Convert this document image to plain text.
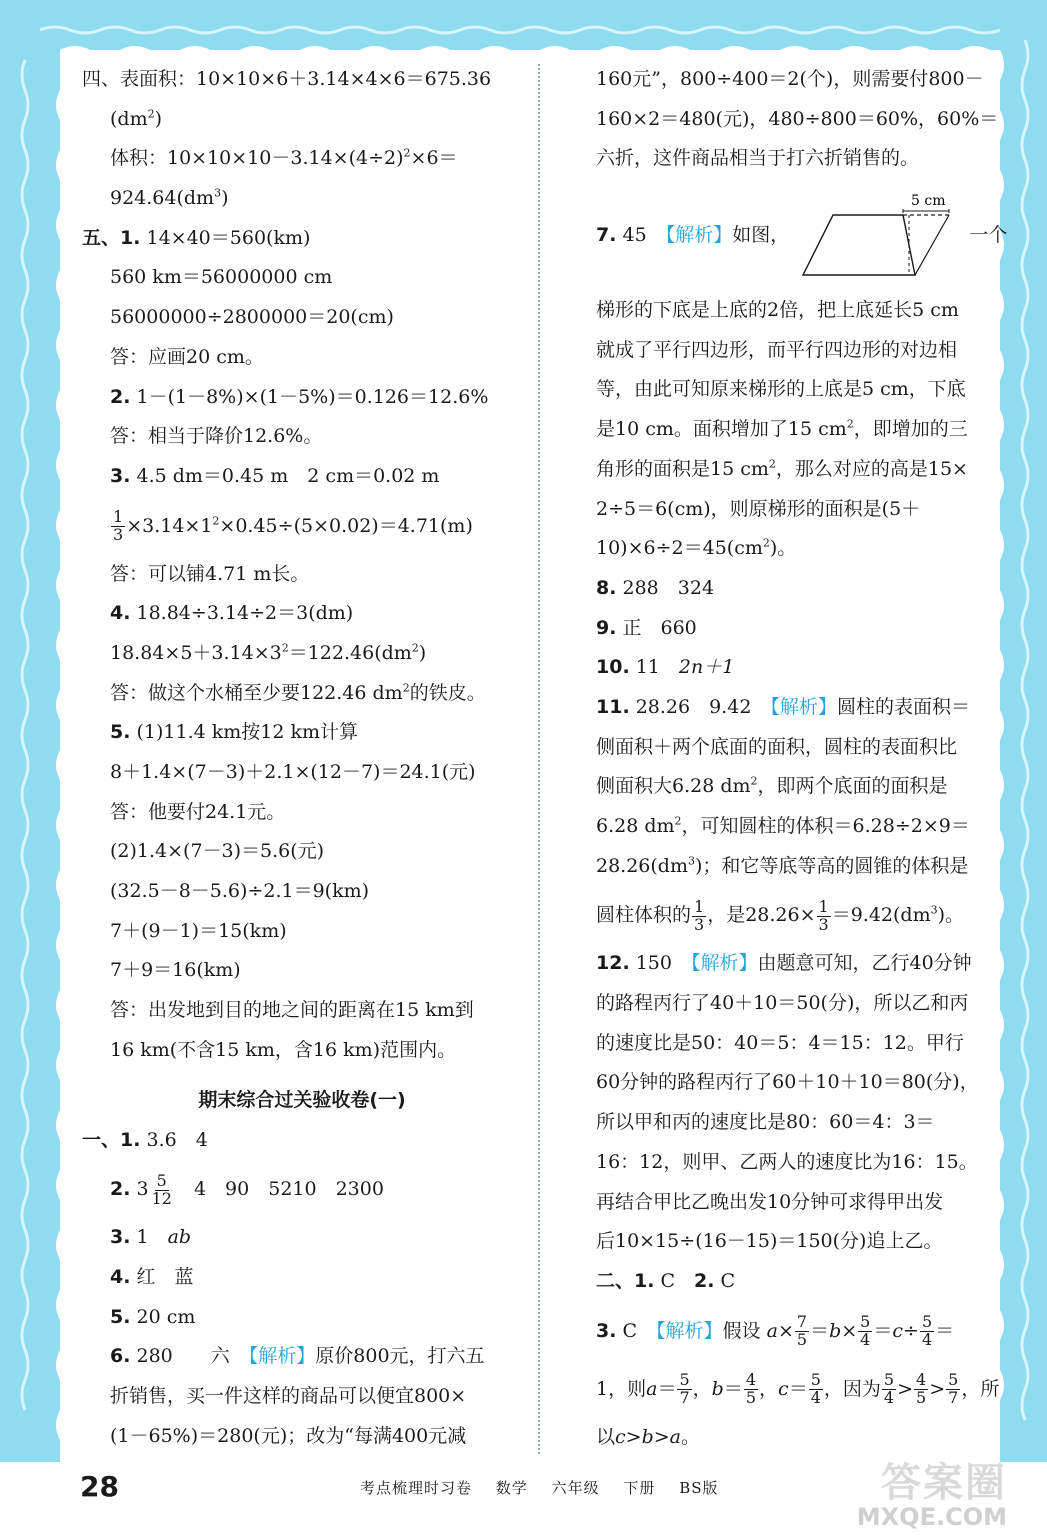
四、表面积：10×10×6＋3.14×4×6＝675.36
$(dm^2)$
体积：$10\times 10\times 10-3.14\times(4\div 2)^2\times 6=$
$924.64(dm^3)$
五、1. 14×40＝560(km)
560 km＝56000000 cm
56000000÷2800000＝20(cm)
答：应画20 cm。
2. 1－(1－8%)×(1－5%)＝0.126＝12.6%
答：相当于降价12.6%。
3. 4.5 dm＝0.45 m　2 cm＝0.02 m
$\frac{1}{3} \times 3.14\times 1^2\times 0.45\div(5\times 0.02)=4.71(m)$
答：可以铺4.71 m长。
4. 18.84÷3.14÷2＝3(dm)
$18.84\times 5+3.14\times 3^2=122.46(dm^2)$
答：做这个水桶至少要122.46 $dm^2$的铁皮。
5. (1)11.4 km按12 km计算
8＋1.4×(7－3)＋2.1×(12－7)＝24.1(元)
答：他要付24.1元。
(2)1.4×(7－3)＝5.6(元)
(32.5－8－5.6)÷2.1＝9(km)
7＋(9－1)＝15(km)
7＋9＝16(km)
答：出发地到目的地之间的距离在15 km到
16 km(不含15 km，含16 km)范围内。
期末综合过关验收卷(一)
一、1. 3.6　4
2. $3 \frac{5}{12}$
　 4　90　5210　2300
3. 1　ab
4. 红　蓝
5. 20 cm
6. 280　　六　【解析】原价800元，打六五
折销售，买一件这样的商品可以便宜800×
(1－65%)＝280(元)；改为“每满400元减
160元”，800÷400＝2(个)，则需要付800－
160×2＝480(元)，480÷800＝60%，60%＝
六折，这件商品相当于打六折销售的。
7. 45　【解析】如图，
5 cm
一个
梯形的下底是上底的2倍，把上底延长5 cm
就成了平行四边形，而平行四边形的对边相
等，由此可知原来梯形的上底是5 cm，下底
是10 cm。面积增加了15 $cm^2$，即增加的三
角形的面积是15 $cm^2$，那么对应的高是15×
2÷5＝6(cm)，则原梯形的面积是(5＋
$10)\times 6\div 2=45(cm^2)$。
8. 288　324
9. 正　660
10. 11　2n＋1
11. 28.26　9.42　【解析】圆柱的表面积＝
侧面积＋两个底面的面积，圆柱的表面积比
侧面积大6.28 $dm^2$，即两个底面的面积是
6.28 $dm^2$，可知圆柱的体积＝6.28÷2×9＝
$28.26(dm^3)$；和它等底等高的圆锥的体积是
圆柱体积的 $\frac{1}{3}$ ，是$28.26\times \frac{1}{3} =9.42(dm^3)$。
12. 150　【解析】由题意可知，乙行40分钟
的路程丙行了40＋10＝50(分)，所以乙和丙
的速度比是50：40＝5：4＝15：12。甲行
60分钟的路程丙行了60＋10＋10＝80(分)，
所以甲和丙的速度比是80：60＝4：3＝
16：12，则甲、乙两人的速度比为16：15。
再结合甲比乙晚出发10分钟可求得甲出发
后10×15÷(16－15)＝150(分)追上乙。
二、1. C　2. C
3. C　【解析】假设 $a\times \frac{7}{5} =b\times \frac{5}{4} =c\div \frac{5}{4}$ ＝
1，则$a= \frac{5}{7}$ ，$b= \frac{4}{5}$ ，$c= \frac{5}{4}$ ，因为 $\frac{5}{4} > \frac{4}{5} > \frac{5}{7}$ ，所
以c>b>a。
28	考点梳理时习卷 数学 六年级 下册 BS版	答案圈
MXQE.COM
